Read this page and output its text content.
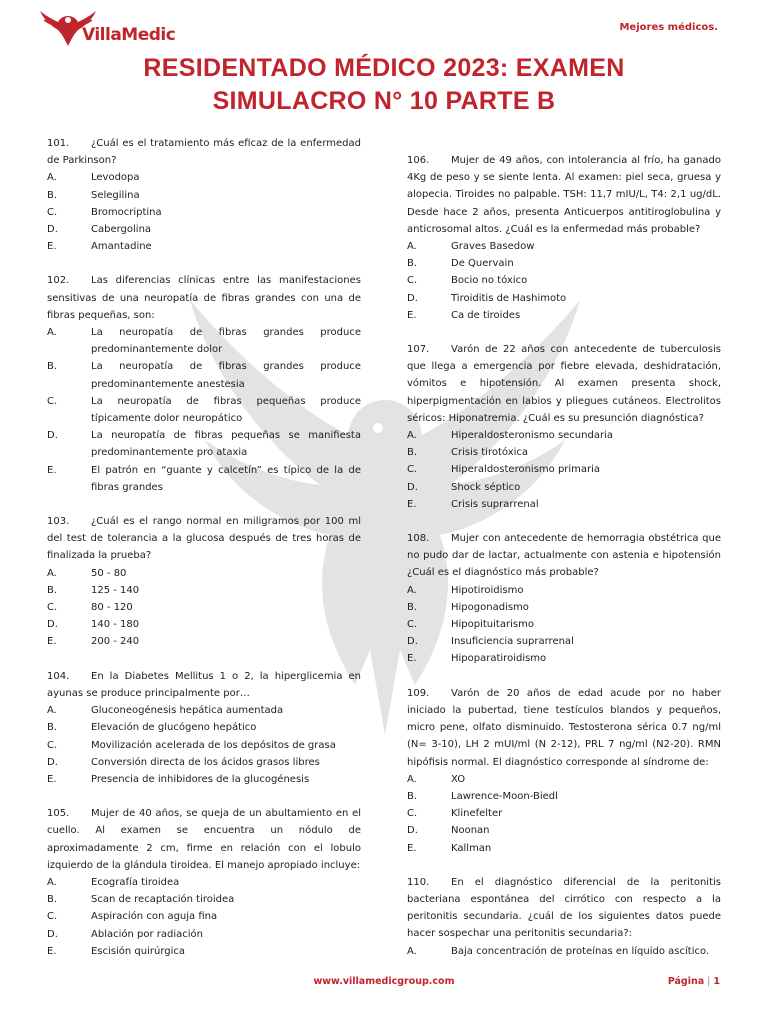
VillaMedic	Mejores médicos.
RESIDENTADO MÉDICO 2023: EXAMEN
SIMULACRO N° 10 PARTE B
101. ¿Cuál es el tratamiento más eficaz de la enfermedad de Parkinson?
A.	Levodopa
B.	Selegilina
C.	Bromocriptina
D.	Cabergolina
E.	Amantadine
102. Las diferencias clínicas entre las manifestaciones sensitivas de una neuropatía de fibras grandes con una de fibras pequeñas, son:
A.	La neuropatía de fibras grandes produce predominantemente dolor
B.	La neuropatía de fibras grandes produce predominantemente anestesia
C.	La neuropatía de fibras pequeñas produce típicamente dolor neuropático
D.	La neuropatía de fibras pequeñas se manifiesta predominantemente pro ataxia
E.	El patrón en “guante y calcetín” es típico de la de fibras grandes
103. ¿Cuál es el rango normal en miligramos por 100 ml del test de tolerancia a la glucosa después de tres horas de finalizada la prueba?
A.	50 - 80
B.	125 - 140
C.	80 - 120
D.	140 - 180
E.	200 - 240
104. En la Diabetes Mellitus 1 o 2, la hiperglicemia en ayunas se produce principalmente por…
A.	Gluconeogénesis hepática aumentada
B.	Elevación de glucógeno hepático
C.	Movilización acelerada de los depósitos de grasa
D.	Conversión directa de los ácidos grasos libres
E.	Presencia de inhibidores de la glucogénesis
105. Mujer de 40 años, se queja de un abultamiento en el cuello. Al examen se encuentra un nódulo de aproximadamente 2 cm, firme en relación con el lobulo izquierdo de la glándula tiroidea. El manejo apropiado incluye:
A.	Ecografía tiroidea
B.	Scan de recaptación tiroidea
C.	Aspiración con aguja fina
D.	Ablación por radiación
E.	Escisión quirúrgica
106. Mujer de 49 años, con intolerancia al frío, ha ganado 4Kg de peso y se siente lenta. Al examen: piel seca, gruesa y alopecia. Tiroides no palpable. TSH: 11,7 mIU/L, T4: 2,1 ug/dL. Desde hace 2 años, presenta Anticuerpos antitiroglobulina y anticrosomal altos. ¿Cuál es la enfermedad más probable?
A.	Graves Basedow
B.	De Quervain
C.	Bocio no tóxico
D.	Tiroiditis de Hashimoto
E.	Ca de tiroides
107. Varón de 22 años con antecedente de tuberculosis que llega a emergencia por fiebre elevada, deshidratación, vómitos e hipotensión. Al examen presenta shock, hiperpigmentación en labios y pliegues cutáneos. Electrolitos séricos: Hiponatremia. ¿Cuál es su presunción diagnóstica?
A.	Hiperaldosteronismo secundaria
B.	Crisis tirotóxica
C.	Hiperaldosteronismo primaria
D.	Shock séptico
E.	Crisis suprarrenal
108. Mujer con antecedente de hemorragia obstétrica que no pudo dar de lactar, actualmente con astenia e hipotensión ¿Cuál es el diagnóstico más probable?
A.	Hipotiroidismo
B.	Hipogonadismo
C.	Hipopituitarismo
D.	Insuficiencia suprarrenal
E.	Hipoparatiroidismo
109. Varón de 20 años de edad acude por no haber iniciado la pubertad, tiene testículos blandos y pequeños, micro pene, olfato disminuido. Testosterona sérica 0.7 ng/ml (N= 3-10), LH 2 mUI/ml (N 2-12), PRL 7 ng/ml (N2-20). RMN hipófisis normal. El diagnóstico corresponde al síndrome de:
A.	XO
B.	Lawrence-Moon-Biedl
C.	Klinefelter
D.	Noonan
E.	Kallman
110. En el diagnóstico diferencial de la peritonitis bacteriana espontánea del cirrótico con respecto a la peritonitis secundaria. ¿cuál de los siguientes datos puede hacer sospechar una peritonitis secundaria?:
A.	Baja concentración de proteínas en líquido ascítico.
www.villamedicgroup.com	Página | 1
